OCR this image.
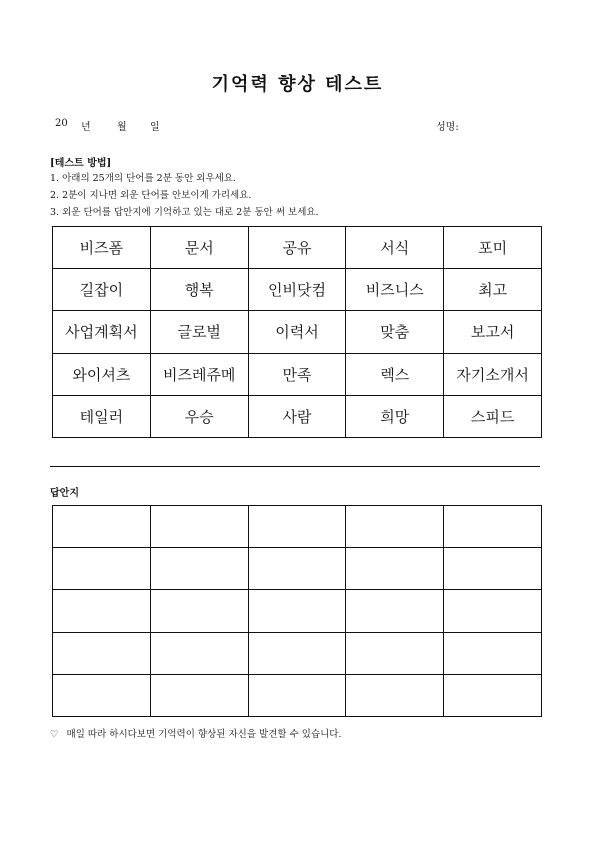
기억력 향상 테스트
20 년	월 일	성명:
[테스트 방법]
1. 아래의 25개의 단어를 2분 동안 외우세요.
2. 2분이 지나면 외운 단어를 안보이게 가리세요.
3. 외운 단어를 답안지에 기억하고 있는 대로 2분 동안 써 보세요.
비즈폼	문서	공유	서식	포미
길잡이	행복	인비닷컴	비즈니스	최고
사업계획서	글로벌	이력서	맞춤	보고서
와이셔츠	비즈레쥬메	만족	렉스	자기소개서
테일러	우승	사람	희망	스피드
답안지

♡ 매일 따라 하시다보면 기억력이 향상된 자신을 발견할 수 있습니다.
